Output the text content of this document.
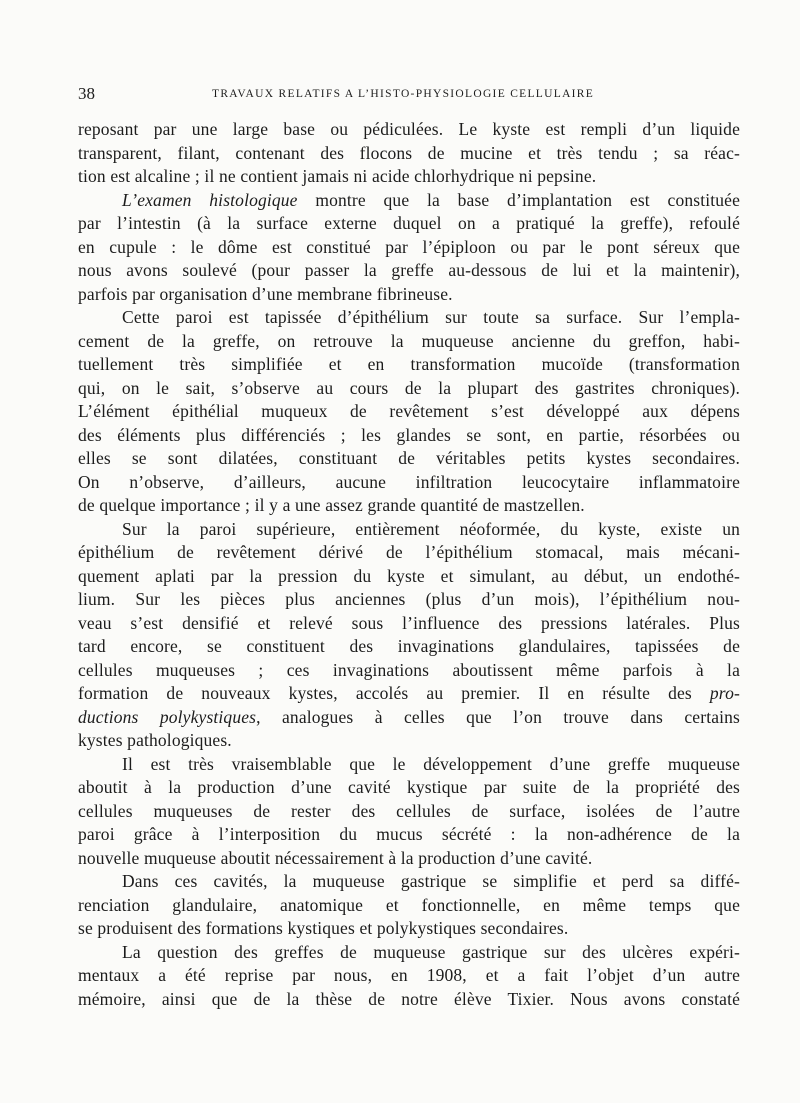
38	TRAVAUX RELATIFS A L’HISTO-PHYSIOLOGIE CELLULAIRE
reposant par une large base ou pédiculées. Le kyste est rempli d’un liquide
transparent, filant, contenant des flocons de mucine et très tendu ; sa réac-
tion est alcaline ; il ne contient jamais ni acide chlorhydrique ni pepsine.
L’examen histologique montre que la base d’implantation est constituée
par l’intestin (à la surface externe duquel on a pratiqué la greffe), refoulé
en cupule : le dôme est constitué par l’épiploon ou par le pont séreux que
nous avons soulevé (pour passer la greffe au-dessous de lui et la maintenir),
parfois par organisation d’une membrane fibrineuse.
Cette paroi est tapissée d’épithélium sur toute sa surface. Sur l’empla-
cement de la greffe, on retrouve la muqueuse ancienne du greffon, habi-
tuellement très simplifiée et en transformation mucoïde (transformation
qui, on le sait, s’observe au cours de la plupart des gastrites chroniques).
L’élément épithélial muqueux de revêtement s’est développé aux dépens
des éléments plus différenciés ; les glandes se sont, en partie, résorbées ou
elles se sont dilatées, constituant de véritables petits kystes secondaires.
On n’observe, d’ailleurs, aucune infiltration leucocytaire inflammatoire
de quelque importance ; il y a une assez grande quantité de mastzellen.
Sur la paroi supérieure, entièrement néoformée, du kyste, existe un
épithélium de revêtement dérivé de l’épithélium stomacal, mais mécani-
quement aplati par la pression du kyste et simulant, au début, un endothé-
lium. Sur les pièces plus anciennes (plus d’un mois), l’épithélium nou-
veau s’est densifié et relevé sous l’influence des pressions latérales. Plus
tard encore, se constituent des invaginations glandulaires, tapissées de
cellules muqueuses ; ces invaginations aboutissent même parfois à la
formation de nouveaux kystes, accolés au premier. Il en résulte des pro-
ductions polykystiques, analogues à celles que l’on trouve dans certains
kystes pathologiques.
Il est très vraisemblable que le développement d’une greffe muqueuse
aboutit à la production d’une cavité kystique par suite de la propriété des
cellules muqueuses de rester des cellules de surface, isolées de l’autre
paroi grâce à l’interposition du mucus sécrété : la non-adhérence de la
nouvelle muqueuse aboutit nécessairement à la production d’une cavité.
Dans ces cavités, la muqueuse gastrique se simplifie et perd sa diffé-
renciation glandulaire, anatomique et fonctionnelle, en même temps que
se produisent des formations kystiques et polykystiques secondaires.
La question des greffes de muqueuse gastrique sur des ulcères expéri-
mentaux a été reprise par nous, en 1908, et a fait l’objet d’un autre
mémoire, ainsi que de la thèse de notre élève Tixier. Nous avons constaté
